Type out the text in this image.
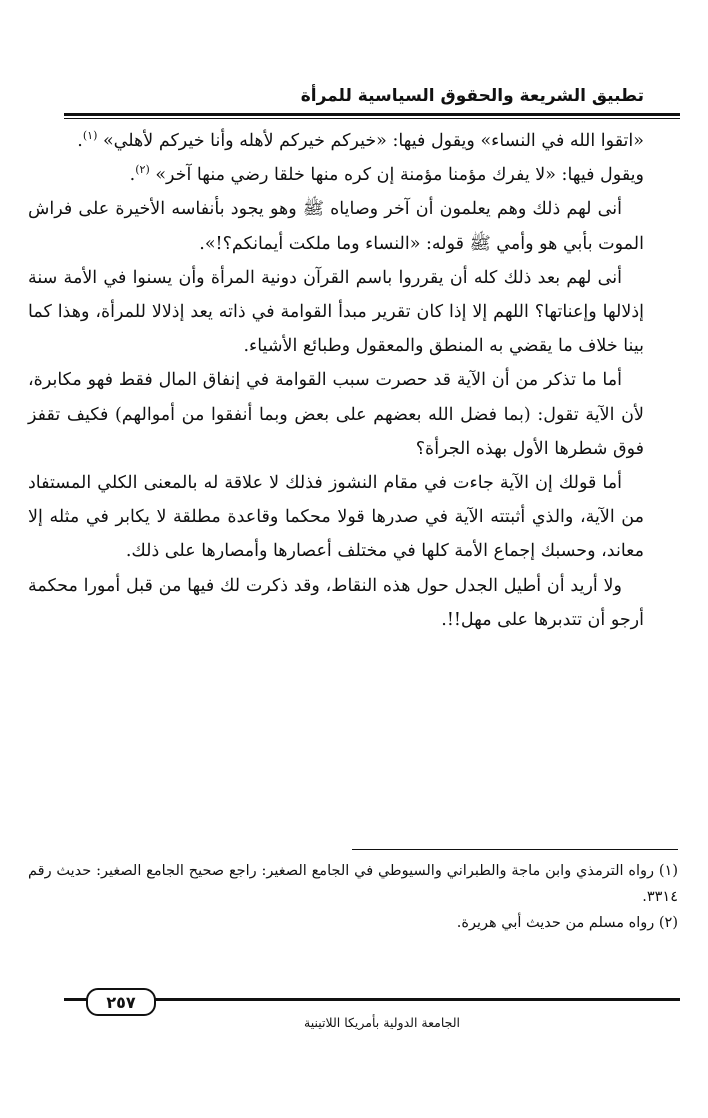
تطبيق الشريعة والحقوق السياسية للمرأة

«اتقوا الله في النساء» ويقول فيها: «خيركم خيركم لأهله وأنا خيركم لأهلي» $^{(١)}$.

ويقول فيها: «لا يفرك مؤمنا مؤمنة إن كره منها خلقا رضي منها آخر» $^{(٢)}$.

أنى لهم ذلك وهم يعلمون أن آخر وصاياه ﷺ وهو يجود بأنفاسه الأخيرة على فراش الموت بأبي هو وأمي ﷺ قوله: «النساء وما ملكت أيمانكم؟!».

أنى لهم بعد ذلك كله أن يقرروا باسم القرآن دونية المرأة وأن يسنوا في الأمة سنة إذلالها وإعناتها؟ اللهم إلا إذا كان تقرير مبدأ القوامة في ذاته يعد إذلالا للمرأة، وهذا كما بينا خلاف ما يقضي به المنطق والمعقول وطبائع الأشياء.

أما ما تذكر من أن الآية قد حصرت سبب القوامة في إنفاق المال فقط فهو مكابرة، لأن الآية تقول: (بما فضل الله بعضهم على بعض وبما أنفقوا من أموالهم) فكيف تقفز فوق شطرها الأول بهذه الجرأة؟

أما قولك إن الآية جاءت في مقام النشوز فذلك لا علاقة له بالمعنى الكلي المستفاد من الآية، والذي أثبتته الآية في صدرها قولا محكما وقاعدة مطلقة لا يكابر في مثله إلا معاند، وحسبك إجماع الأمة كلها في مختلف أعصارها وأمصارها على ذلك.

ولا أريد أن أطيل الجدل حول هذه النقاط، وقد ذكرت لك فيها من قبل أمورا محكمة أرجو أن تتدبرها على مهل!!.

(١) رواه الترمذي وابن ماجة والطبراني والسيوطي في الجامع الصغير: راجع صحيح الجامع الصغير: حديث رقم ٣٣١٤.

(٢) رواه مسلم من حديث أبي هريرة.

٢٥٧
الجامعة الدولية بأمريكا اللاتينية
